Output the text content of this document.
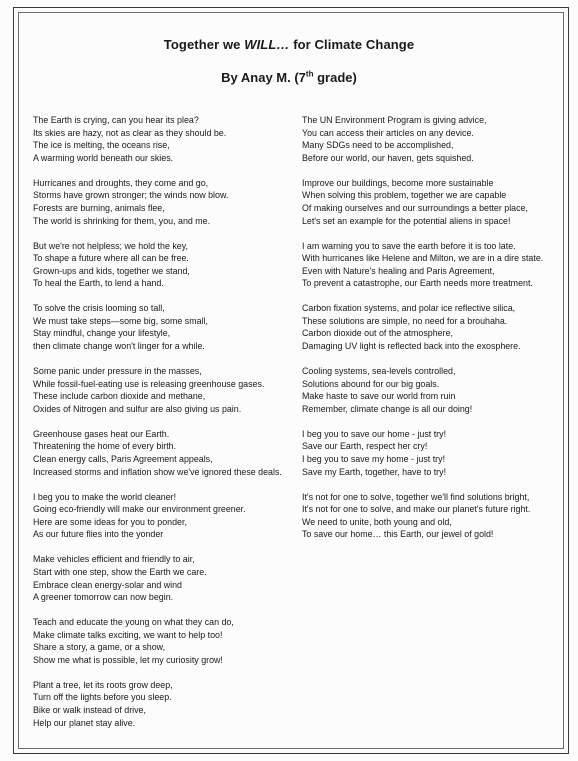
Together we WILL… for Climate Change
By Anay M. (7th grade)
The Earth is crying, can you hear its plea?
Its skies are hazy, not as clear as they should be.
The ice is melting, the oceans rise,
A warming world beneath our skies.
Hurricanes and droughts, they come and go,
Storms have grown stronger; the winds now blow.
Forests are burning, animals flee,
The world is shrinking for them, you, and me.
But we're not helpless; we hold the key,
To shape a future where all can be free.
Grown-ups and kids, together we stand,
To heal the Earth, to lend a hand.
To solve the crisis looming so tall,
We must take steps—some big, some small,
Stay mindful, change your lifestyle,
then climate change won't linger for a while.
Some panic under pressure in the masses,
While fossil-fuel-eating use is releasing greenhouse gases.
These include carbon dioxide and methane,
Oxides of Nitrogen and sulfur are also giving us pain.
Greenhouse gases heat our Earth.
Threatening the home of every birth.
Clean energy calls, Paris Agreement appeals,
Increased storms and inflation show we've ignored these deals.
I beg you to make the world cleaner!
Going eco-friendly will make our environment greener.
Here are some ideas for you to ponder,
As our future flies into the yonder
Make vehicles efficient and friendly to air,
Start with one step, show the Earth we care.
Embrace clean energy-solar and wind
A greener tomorrow can now begin.
Teach and educate the young on what they can do,
Make climate talks exciting, we want to help too!
Share a story, a game, or a show,
Show me what is possible, let my curiosity grow!
Plant a tree, let its roots grow deep,
Turn off the lights before you sleep.
Bike or walk instead of drive,
Help our planet stay alive.
The UN Environment Program is giving advice,
You can access their articles on any device.
Many SDGs need to be accomplished,
Before our world, our haven, gets squished.
Improve our buildings, become more sustainable
When solving this problem, together we are capable
Of making ourselves and our surroundings a better place,
Let's set an example for the potential aliens in space!
I am warning you to save the earth before it is too late.
With hurricanes like Helene and Milton, we are in a dire state.
Even with Nature's healing and Paris Agreement,
To prevent a catastrophe, our Earth needs more treatment.
Carbon fixation systems, and polar ice reflective silica,
These solutions are simple, no need for a brouhaha.
Carbon dioxide out of the atmosphere,
Damaging UV light is reflected back into the exosphere.
Cooling systems, sea-levels controlled,
Solutions abound for our big goals.
Make haste to save our world from ruin
Remember, climate change is all our doing!
I beg you to save our home - just try!
Save our Earth, respect her cry!
I beg you to save my home - just try!
Save my Earth, together, have to try!
It's not for one to solve, together we'll find solutions bright,
It's not for one to solve, and make our planet's future right.
We need to unite, both young and old,
To save our home… this Earth, our jewel of gold!
